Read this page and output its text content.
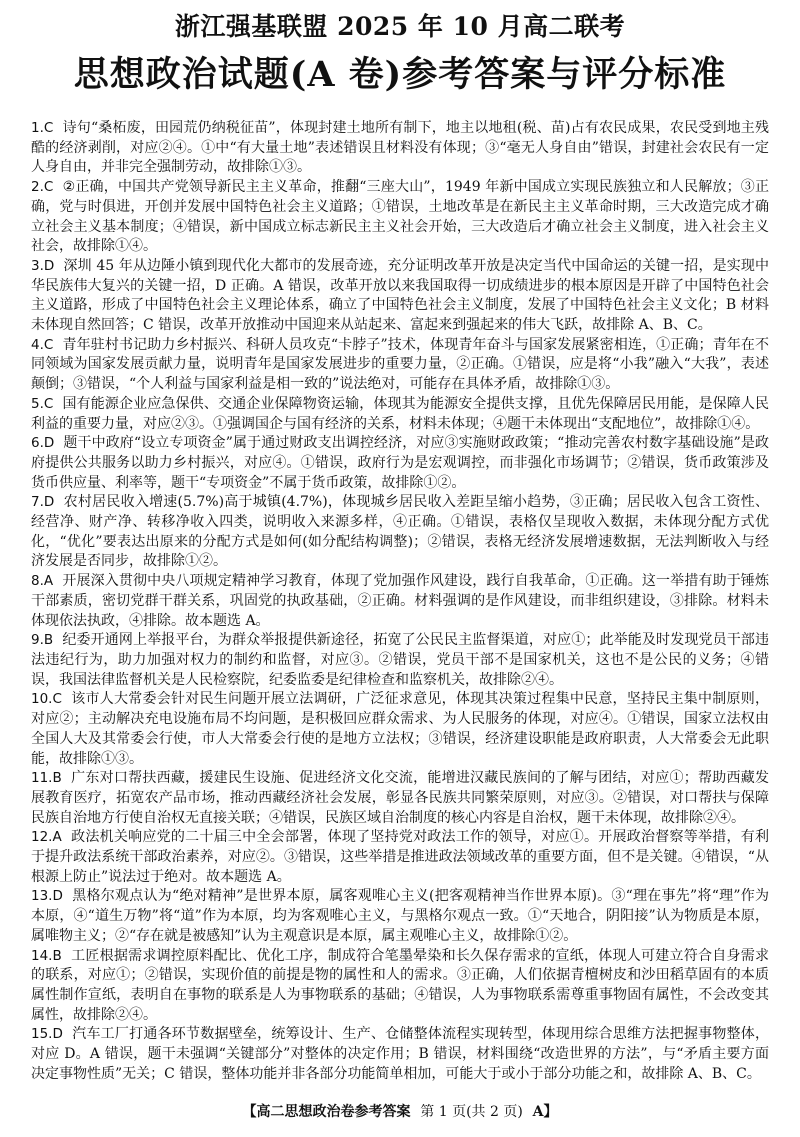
浙江强基联盟 2025 年 10 月高二联考
思想政治试题(A 卷)参考答案与评分标准

1.C 诗句“桑柘废，田园荒仍纳税征苗”，体现封建土地所有制下，地主以地租(税、苗)占有农民成果，农民受到地主残酷的经济剥削，对应②④。①中“有大量土地”表述错误且材料没有体现；③“毫无人身自由”错误，封建社会农民有一定人身自由，并非完全强制劳动，故排除①③。

2.C ②正确，中国共产党领导新民主主义革命，推翻“三座大山”，1949 年新中国成立实现民族独立和人民解放；③正确，党与时俱进，开创并发展中国特色社会主义道路；①错误，土地改革是在新民主主义革命时期，三大改造完成才确立社会主义基本制度；④错误，新中国成立标志新民主主义社会开始，三大改造后才确立社会主义制度，进入社会主义社会，故排除①④。

3.D 深圳 45 年从边陲小镇到现代化大都市的发展奇迹，充分证明改革开放是决定当代中国命运的关键一招，是实现中华民族伟大复兴的关键一招，D 正确。A 错误，改革开放以来我国取得一切成绩进步的根本原因是开辟了中国特色社会主义道路，形成了中国特色社会主义理论体系，确立了中国特色社会主义制度，发展了中国特色社会主义文化；B 材料未体现自然回答；C 错误，改革开放推动中国迎来从站起来、富起来到强起来的伟大飞跃，故排除 A、B、C。

4.C 青年驻村书记助力乡村振兴、科研人员攻克“卡脖子”技术，体现青年奋斗与国家发展紧密相连，①正确；青年在不同领域为国家发展贡献力量，说明青年是国家发展进步的重要力量，②正确。①错误，应是将“小我”融入“大我”，表述颠倒；③错误，“个人利益与国家利益是相一致的”说法绝对，可能存在具体矛盾，故排除①③。

5.C 国有能源企业应急保供、交通企业保障物资运输，体现其为能源安全提供支撑，且优先保障居民用能，是保障人民利益的重要力量，对应②③。①强调国企与国有经济的关系，材料未体现；④题干未体现出“支配地位”，故排除①④。

6.D 题干中政府“设立专项资金”属于通过财政支出调控经济，对应③实施财政政策；“推动完善农村数字基础设施”是政府提供公共服务以助力乡村振兴，对应④。①错误，政府行为是宏观调控，而非强化市场调节；②错误，货币政策涉及货币供应量、利率等，题干“专项资金”不属于货币政策，故排除①②。

7.D 农村居民收入增速(5.7%)高于城镇(4.7%)，体现城乡居民收入差距呈缩小趋势，③正确；居民收入包含工资性、经营净、财产净、转移净收入四类，说明收入来源多样，④正确。①错误，表格仅呈现收入数据，未体现分配方式优化，“优化”要表达出原来的分配方式是如何(如分配结构调整)；②错误，表格无经济发展增速数据，无法判断收入与经济发展是否同步，故排除①②。

8.A 开展深入贯彻中央八项规定精神学习教育，体现了党加强作风建设，践行自我革命，①正确。这一举措有助于锤炼干部素质，密切党群干群关系，巩固党的执政基础，②正确。材料强调的是作风建设，而非组织建设，③排除。材料未体现依法执政，④排除。故本题选 A。

9.B 纪委开通网上举报平台，为群众举报提供新途径，拓宽了公民民主监督渠道，对应①；此举能及时发现党员干部违法违纪行为，助力加强对权力的制约和监督，对应③。②错误，党员干部不是国家机关，这也不是公民的义务；④错误，我国法律监督机关是人民检察院，纪委监委是纪律检查和监察机关，故排除②④。

10.C 该市人大常委会针对民生问题开展立法调研，广泛征求意见，体现其决策过程集中民意，坚持民主集中制原则，对应②；主动解决充电设施布局不均问题，是积极回应群众需求、为人民服务的体现，对应④。①错误，国家立法权由全国人大及其常委会行使，市人大常委会行使的是地方立法权；③错误，经济建设职能是政府职责，人大常委会无此职能，故排除①③。

11.B 广东对口帮扶西藏，援建民生设施、促进经济文化交流，能增进汉藏民族间的了解与团结，对应①；帮助西藏发展教育医疗，拓宽农产品市场，推动西藏经济社会发展，彰显各民族共同繁荣原则，对应③。②错误，对口帮扶与保障民族自治地方行使自治权无直接关联；④错误，民族区域自治制度的核心内容是自治权，题干未体现，故排除②④。

12.A 政法机关响应党的二十届三中全会部署，体现了坚持党对政法工作的领导，对应①。开展政治督察等举措，有利于提升政法系统干部政治素养，对应②。③错误，这些举措是推进政法领域改革的重要方面，但不是关键。④错误，“从根源上防止”说法过于绝对。故本题选 A。

13.D 黑格尔观点认为“绝对精神”是世界本原，属客观唯心主义(把客观精神当作世界本原)。③“理在事先”将“理”作为本原，④“道生万物”将“道”作为本原，均为客观唯心主义，与黑格尔观点一致。①“天地合，阴阳接”认为物质是本原，属唯物主义；②“存在就是被感知”认为主观意识是本原，属主观唯心主义，故排除①②。

14.B 工匠根据需求调控原料配比、优化工序，制成符合笔墨晕染和长久保存需求的宣纸，体现人可建立符合自身需求的联系，对应①；②错误，实现价值的前提是物的属性和人的需求。③正确，人们依据青檀树皮和沙田稻草固有的本质属性制作宣纸，表明自在事物的联系是人为事物联系的基础；④错误，人为事物联系需尊重事物固有属性，不会改变其属性，故排除②④。

15.D 汽车工厂打通各环节数据壁垒，统筹设计、生产、仓储整体流程实现转型，体现用综合思维方法把握事物整体，对应 D。A 错误，题干未强调“关键部分”对整体的决定作用；B 错误，材料围绕“改造世界的方法”，与“矛盾主要方面决定事物性质”无关；C 错误，整体功能并非各部分功能简单相加，可能大于或小于部分功能之和，故排除 A、B、C。

【高二思想政治卷参考答案 第 1 页(共 2 页) A】
